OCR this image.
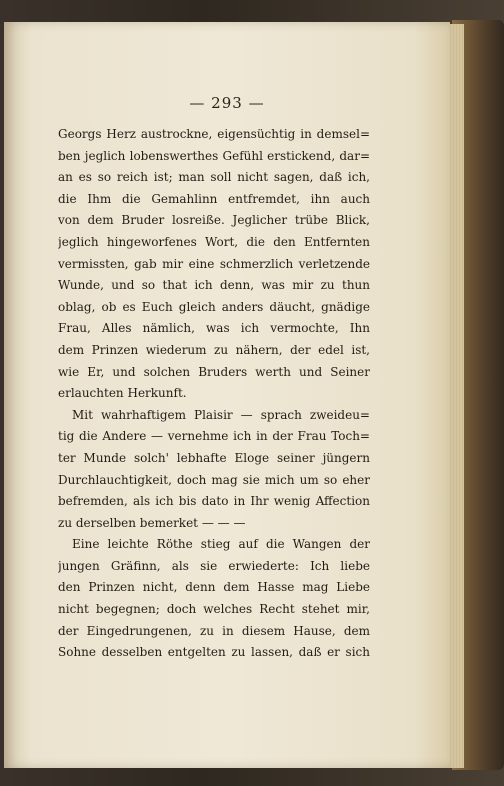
— 293 —
Georgs Herz austrockne, eigensüchtig in demsel=
ben jeglich lobenswerthes Gefühl erstickend, dar=
an es so reich ist; man soll nicht sagen, daß ich,
die Ihm die Gemahlinn entfremdet, ihn auch
von dem Bruder losreiße. Jeglicher trübe Blick,
jeglich hingeworfenes Wort, die den Entfernten
vermissten, gab mir eine schmerzlich verletzende
Wunde, und so that ich denn, was mir zu thun
oblag, ob es Euch gleich anders däucht, gnädige
Frau, Alles nämlich, was ich vermochte, Ihn
dem Prinzen wiederum zu nähern, der edel ist,
wie Er, und solchen Bruders werth und Seiner
erlauchten Herkunft.
Mit wahrhaftigem Plaisir — sprach zweideu=
tig die Andere — vernehme ich in der Frau Toch=
ter Munde solch' lebhafte Eloge seiner jüngern
Durchlauchtigkeit, doch mag sie mich um so eher
befremden, als ich bis dato in Ihr wenig Affection
zu derselben bemerket — — —
Eine leichte Röthe stieg auf die Wangen der
jungen Gräfinn, als sie erwiederte: Ich liebe
den Prinzen nicht, denn dem Hasse mag Liebe
nicht begegnen; doch welches Recht stehet mir,
der Eingedrungenen, zu in diesem Hause, dem
Sohne desselben entgelten zu lassen, daß er sich
